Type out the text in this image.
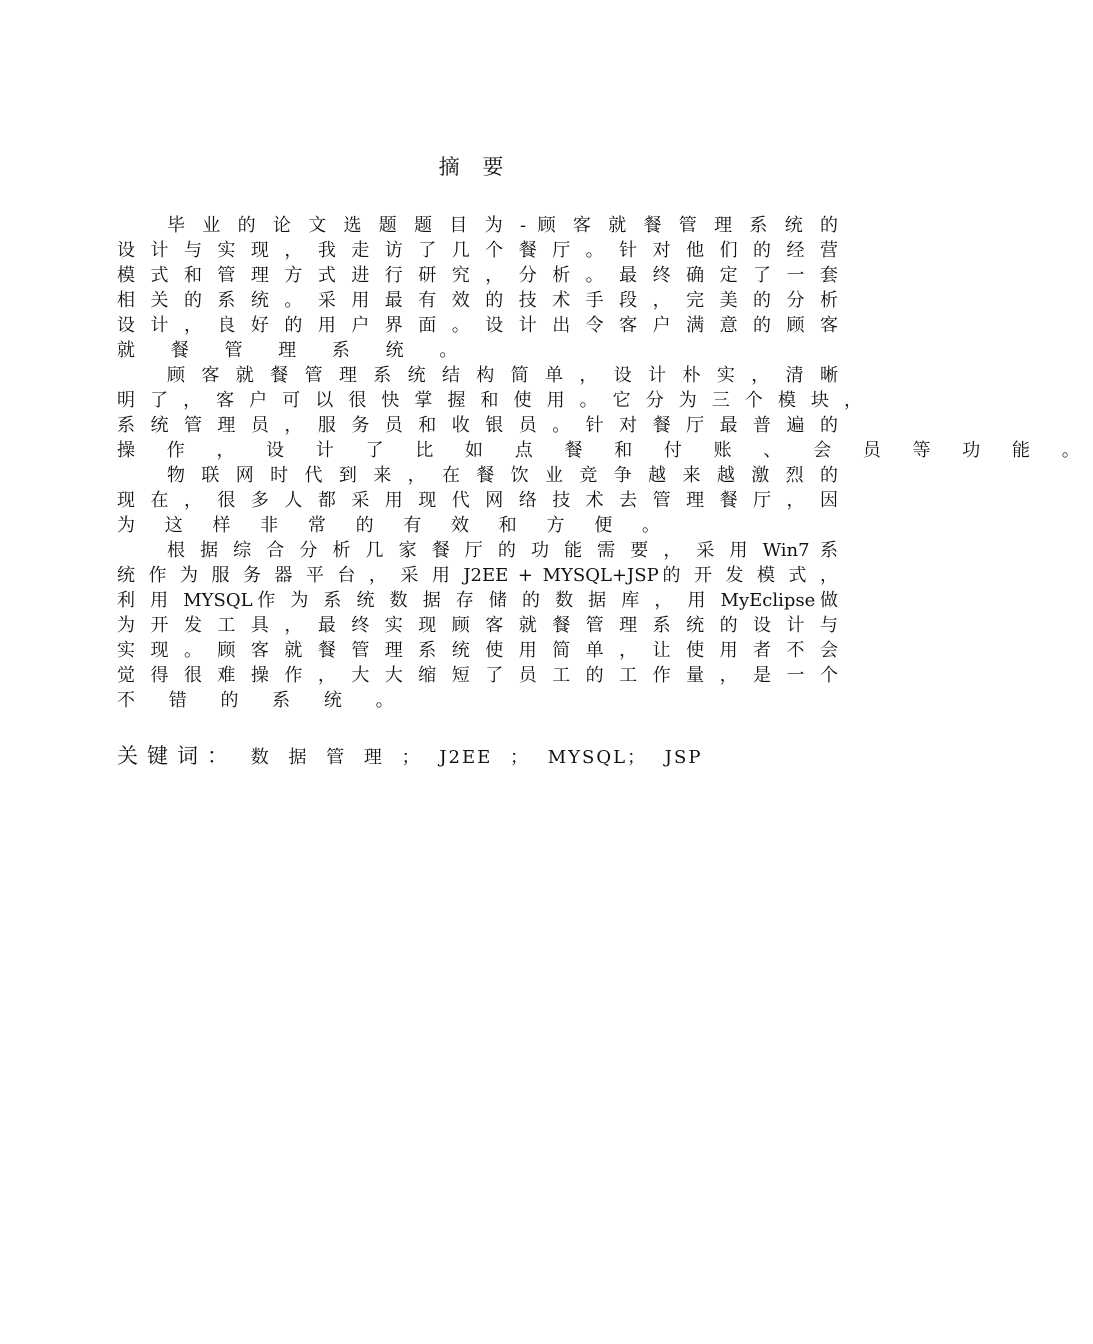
摘 要
毕 业 的 论 文 选 题 题 目 为 - 顾 客 就 餐 管 理 系 统 的
设 计 与 实 现 ， 我 走 访 了 几 个 餐 厅 。 针 对 他 们 的 经 营
模 式 和 管 理 方 式 进 行 研 究 ， 分 析 。 最 终 确 定 了 一 套
相 关 的 系 统 。 采 用 最 有 效 的 技 术 手 段 ， 完 美 的 分 析
设 计 ， 良 好 的 用 户 界 面 。 设 计 出 令 客 户 满 意 的 顾 客
就 餐 管 理 系 统 。
顾 客 就 餐 管 理 系 统 结 构 简 单 ， 设 计 朴 实 ， 清 晰
明 了 ， 客 户 可 以 很 快 掌 握 和 使 用 。 它 分 为 三 个 模 块 ，
系 统 管 理 员 ， 服 务 员 和 收 银 员 。 针 对 餐 厅 最 普 遍 的
操 作 ， 设 计 了 比 如 点 餐 和 付 账 、 会 员 等 功 能 。
物 联 网 时 代 到 来 ， 在 餐 饮 业 竞 争 越 来 越 激 烈 的
现 在 ， 很 多 人 都 采 用 现 代 网 络 技 术 去 管 理 餐 厅 ， 因
为 这 样 非 常 的 有 效 和 方 便 。
根 据 综 合 分 析 几 家 餐 厅 的 功 能 需 要 ， 采 用 Win7 系
统 作 为 服 务 器 平 台 ， 采 用 J2EE + MYSQL+JSP的 开 发 模 式 ，
利 用 MYSQL作 为 系 统 数 据 存 储 的 数 据 库 ， 用 MyEclipse做
为 开 发 工 具 ， 最 终 实 现 顾 客 就 餐 管 理 系 统 的 设 计 与
实 现 。 顾 客 就 餐 管 理 系 统 使 用 简 单 ， 让 使 用 者 不 会
觉 得 很 难 操 作 ， 大 大 缩 短 了 员 工 的 工 作 量 ， 是 一 个
不 错 的 系 统 。
关键词： 数 据 管 理 ； J2EE ； MYSQL； JSP
